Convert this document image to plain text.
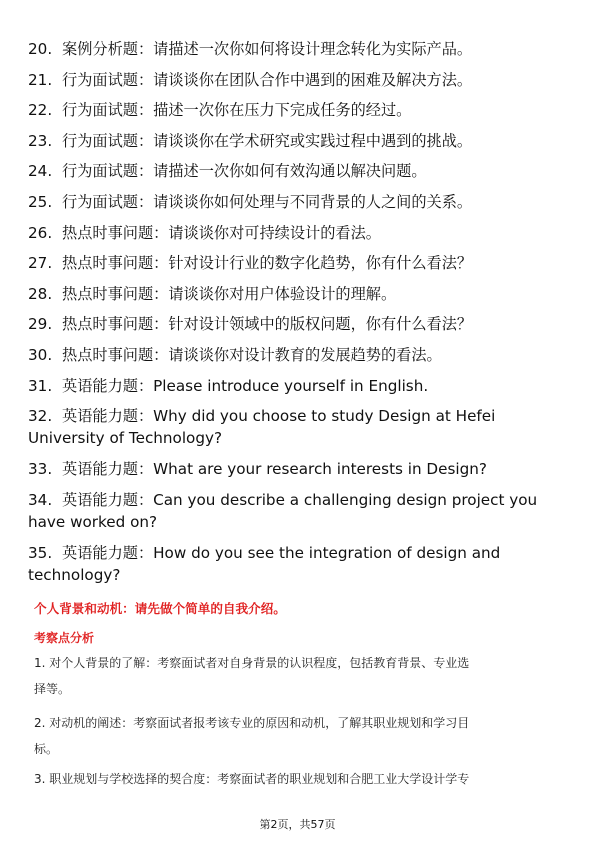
20. 案例分析题：请描述一次你如何将设计理念转化为实际产品。
21. 行为面试题：请谈谈你在团队合作中遇到的困难及解决方法。
22. 行为面试题：描述一次你在压力下完成任务的经过。
23. 行为面试题：请谈谈你在学术研究或实践过程中遇到的挑战。
24. 行为面试题：请描述一次你如何有效沟通以解决问题。
25. 行为面试题：请谈谈你如何处理与不同背景的人之间的关系。
26. 热点时事问题：请谈谈你对可持续设计的看法。
27. 热点时事问题：针对设计行业的数字化趋势，你有什么看法？
28. 热点时事问题：请谈谈你对用户体验设计的理解。
29. 热点时事问题：针对设计领域中的版权问题，你有什么看法？
30. 热点时事问题：请谈谈你对设计教育的发展趋势的看法。
31. 英语能力题：Please introduce yourself in English.
32. 英语能力题：Why did you choose to study Design at Hefei
University of Technology?
33. 英语能力题：What are your research interests in Design?
34. 英语能力题：Can you describe a challenging design project you
have worked on?
35. 英语能力题：How do you see the integration of design and
technology?
个人背景和动机：请先做个简单的自我介绍。
考察点分析
1. 对个人背景的了解：考察面试者对自身背景的认识程度，包括教育背景、专业选
择等。
2. 对动机的阐述：考察面试者报考该专业的原因和动机，了解其职业规划和学习目
标。
3. 职业规划与学校选择的契合度：考察面试者的职业规划和合肥工业大学设计学专
第2页，共57页
